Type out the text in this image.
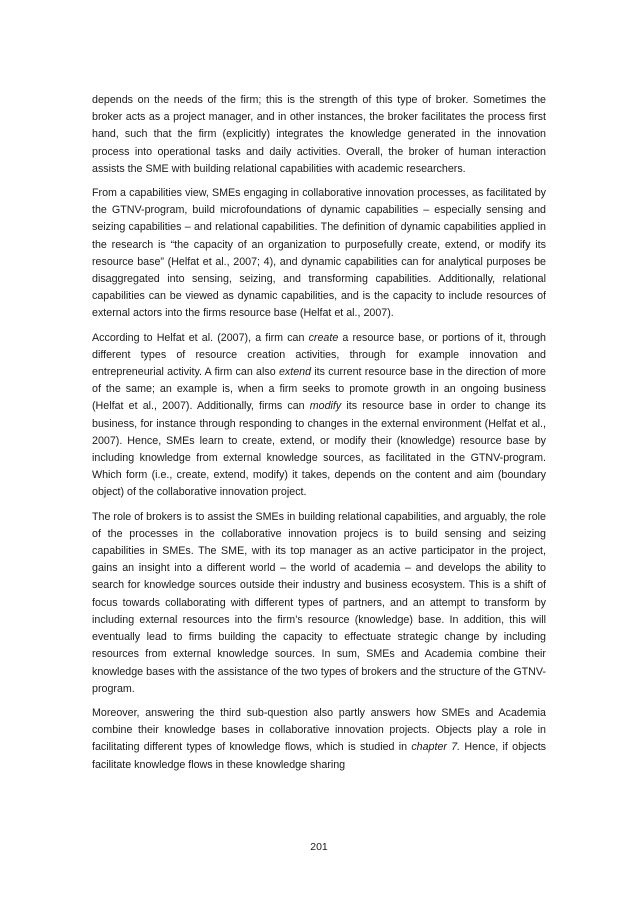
depends on the needs of the firm; this is the strength of this type of broker. Sometimes the broker acts as a project manager, and in other instances, the broker facilitates the process first hand, such that the firm (explicitly) integrates the knowledge generated in the innovation process into operational tasks and daily activities. Overall, the broker of human interaction assists the SME with building relational capabilities with academic researchers.

From a capabilities view, SMEs engaging in collaborative innovation processes, as facilitated by the GTNV-program, build microfoundations of dynamic capabilities – especially sensing and seizing capabilities – and relational capabilities. The definition of dynamic capabilities applied in the research is “the capacity of an organization to purposefully create, extend, or modify its resource base” (Helfat et al., 2007; 4), and dynamic capabilities can for analytical purposes be disaggregated into sensing, seizing, and transforming capabilities. Additionally, relational capabilities can be viewed as dynamic capabilities, and is the capacity to include resources of external actors into the firms resource base (Helfat et al., 2007).

According to Helfat et al. (2007), a firm can create a resource base, or portions of it, through different types of resource creation activities, through for example innovation and entrepreneurial activity. A firm can also extend its current resource base in the direction of more of the same; an example is, when a firm seeks to promote growth in an ongoing business (Helfat et al., 2007). Additionally, firms can modify its resource base in order to change its business, for instance through responding to changes in the external environment (Helfat et al., 2007). Hence, SMEs learn to create, extend, or modify their (knowledge) resource base by including knowledge from external knowledge sources, as facilitated in the GTNV-program. Which form (i.e., create, extend, modify) it takes, depends on the content and aim (boundary object) of the collaborative innovation project.

The role of brokers is to assist the SMEs in building relational capabilities, and arguably, the role of the processes in the collaborative innovation projecs is to build sensing and seizing capabilities in SMEs. The SME, with its top manager as an active participator in the project, gains an insight into a different world – the world of academia – and develops the ability to search for knowledge sources outside their industry and business ecosystem. This is a shift of focus towards collaborating with different types of partners, and an attempt to transform by including external resources into the firm’s resource (knowledge) base. In addition, this will eventually lead to firms building the capacity to effectuate strategic change by including resources from external knowledge sources. In sum, SMEs and Academia combine their knowledge bases with the assistance of the two types of brokers and the structure of the GTNV-program.

Moreover, answering the third sub-question also partly answers how SMEs and Academia combine their knowledge bases in collaborative innovation projects. Objects play a role in facilitating different types of knowledge flows, which is studied in chapter 7. Hence, if objects facilitate knowledge flows in these knowledge sharing

201
